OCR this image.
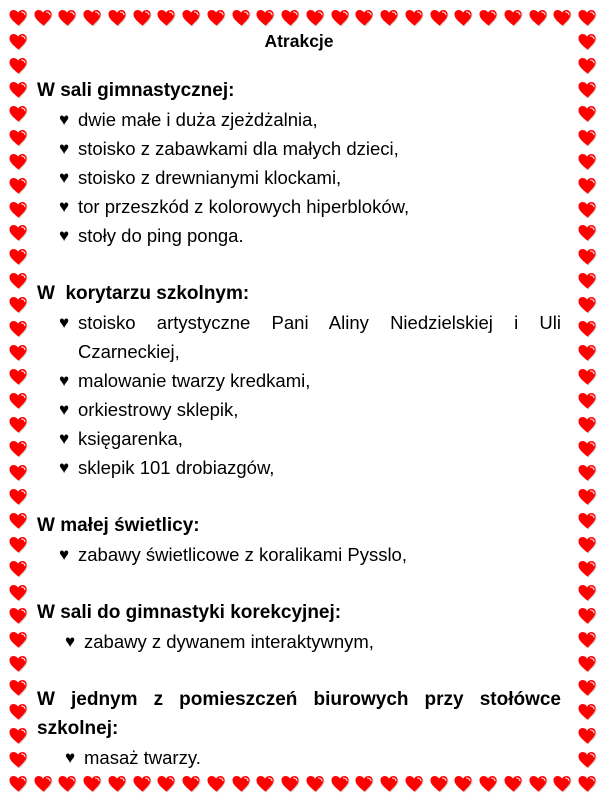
Atrakcje
W sali gimnastycznej:
♥ dwie małe i duża zjeżdżalnia,
♥ stoisko z zabawkami dla małych dzieci,
♥ stoisko z drewnianymi klockami,
♥ tor przeszkód z kolorowych hiperbloków,
♥ stoły do ping ponga.
W  korytarzu szkolnym:
♥ stoisko artystyczne Pani Aliny Niedzielskiej i Uli Czarneckiej,
♥ malowanie twarzy kredkami,
♥ orkiestrowy sklepik,
♥ księgarenka,
♥ sklepik 101 drobiazgów,
W małej świetlicy:
♥ zabawy świetlicowe z koralikami Pysslo,
W sali do gimnastyki korekcyjnej:
♥ zabawy z dywanem interaktywnym,
W jednym z pomieszczeń biurowych przy stołówce szkolnej:
♥ masaż twarzy.
